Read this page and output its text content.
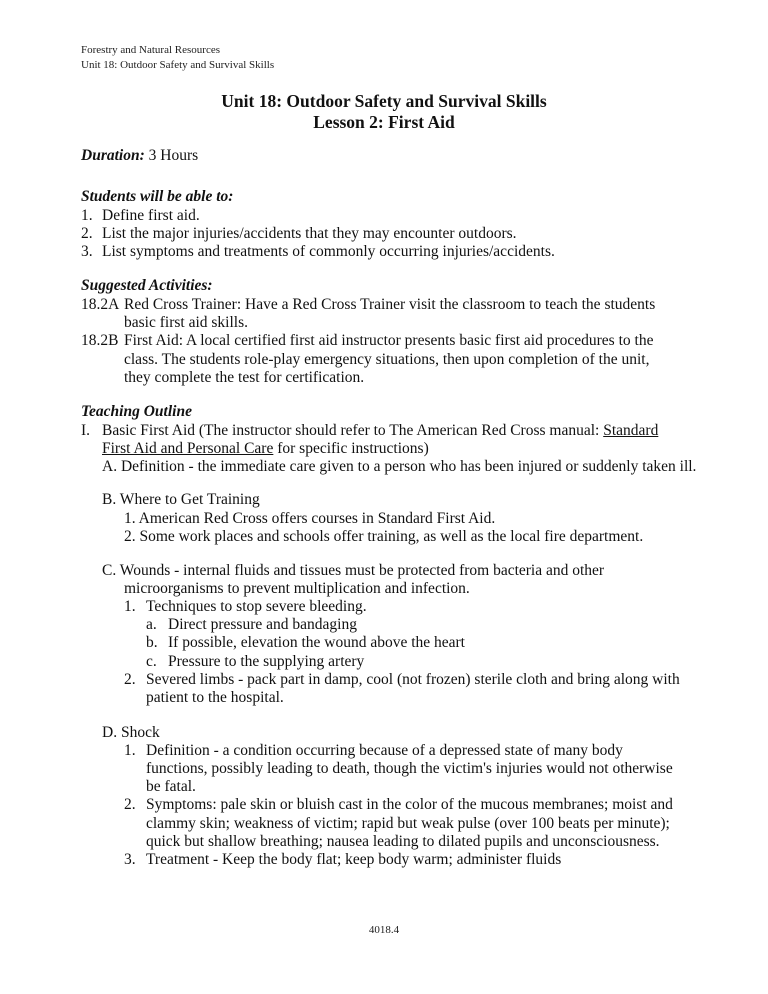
Forestry and Natural Resources
Unit 18: Outdoor Safety and Survival Skills
Unit 18: Outdoor Safety and Survival Skills
Lesson 2: First Aid
Duration: 3 Hours
Students will be able to:
1. Define first aid.
2. List the major injuries/accidents that they may encounter outdoors.
3. List symptoms and treatments of commonly occurring injuries/accidents.
Suggested Activities:
18.2A Red Cross Trainer: Have a Red Cross Trainer visit the classroom to teach the students
basic first aid skills.
18.2B First Aid: A local certified first aid instructor presents basic first aid procedures to the
class. The students role-play emergency situations, then upon completion of the unit,
they complete the test for certification.
Teaching Outline
I. Basic First Aid (The instructor should refer to The American Red Cross manual: Standard
First Aid and Personal Care for specific instructions)
A. Definition - the immediate care given to a person who has been injured or suddenly taken ill.
B. Where to Get Training
1. American Red Cross offers courses in Standard First Aid.
2. Some work places and schools offer training, as well as the local fire department.
C. Wounds - internal fluids and tissues must be protected from bacteria and other
microorganisms to prevent multiplication and infection.
1. Techniques to stop severe bleeding.
a. Direct pressure and bandaging
b. If possible, elevation the wound above the heart
c. Pressure to the supplying artery
2. Severed limbs - pack part in damp, cool (not frozen) sterile cloth and bring along with
patient to the hospital.
D. Shock
1. Definition - a condition occurring because of a depressed state of many body
functions, possibly leading to death, though the victim's injuries would not otherwise
be fatal.
2. Symptoms: pale skin or bluish cast in the color of the mucous membranes; moist and
clammy skin; weakness of victim; rapid but weak pulse (over 100 beats per minute);
quick but shallow breathing; nausea leading to dilated pupils and unconsciousness.
3. Treatment - Keep the body flat; keep body warm; administer fluids
4018.4
